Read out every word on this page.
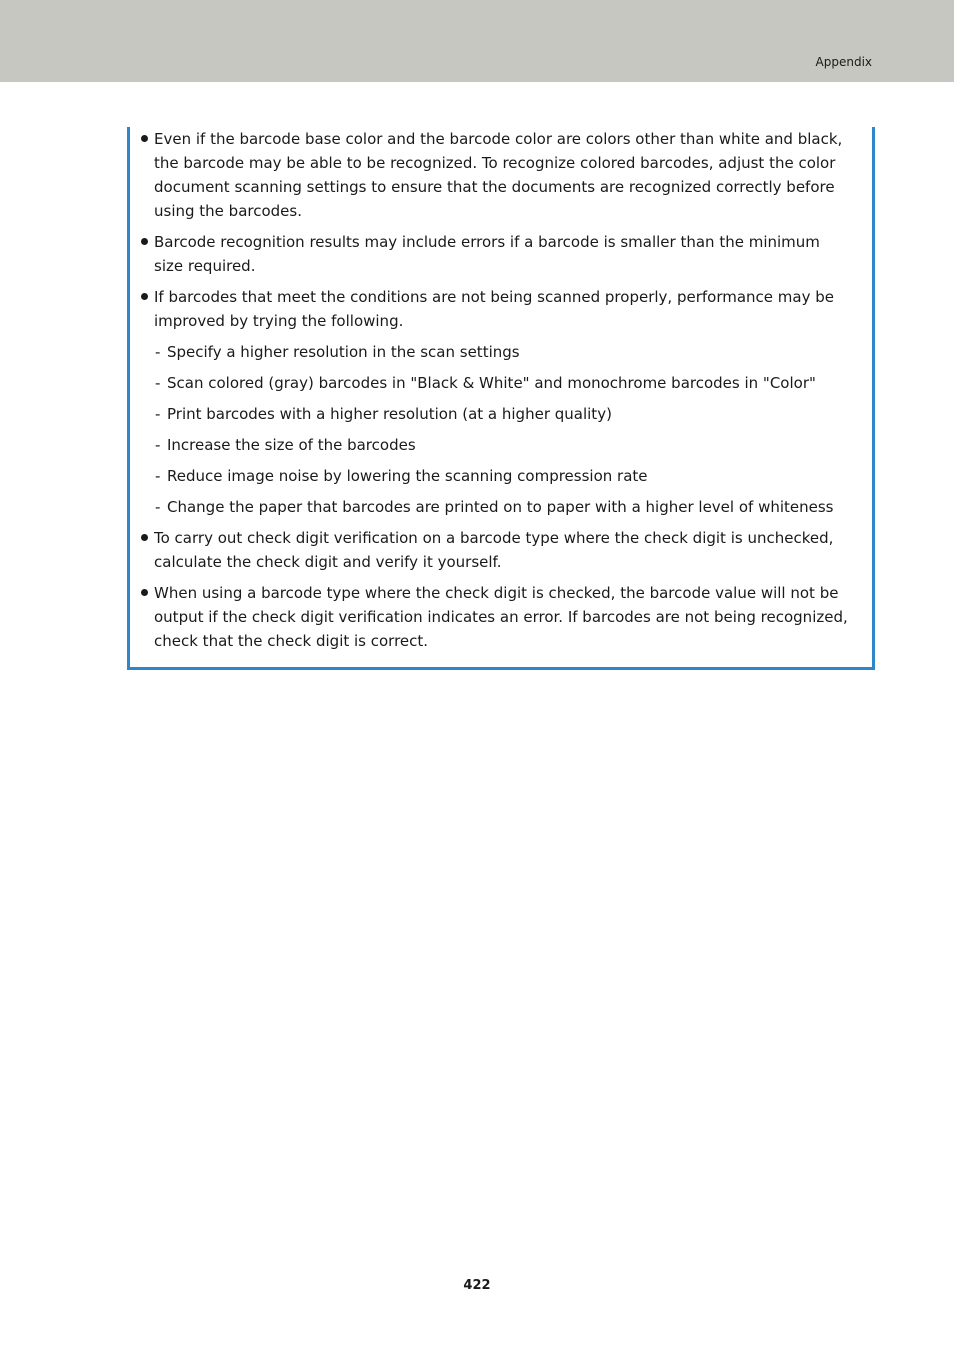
Appendix
Even if the barcode base color and the barcode color are colors other than white and black, the barcode may be able to be recognized. To recognize colored barcodes, adjust the color document scanning settings to ensure that the documents are recognized correctly before using the barcodes.
Barcode recognition results may include errors if a barcode is smaller than the minimum size required.
If barcodes that meet the conditions are not being scanned properly, performance may be improved by trying the following.
- Specify a higher resolution in the scan settings
- Scan colored (gray) barcodes in "Black & White" and monochrome barcodes in "Color"
- Print barcodes with a higher resolution (at a higher quality)
- Increase the size of the barcodes
- Reduce image noise by lowering the scanning compression rate
- Change the paper that barcodes are printed on to paper with a higher level of whiteness
To carry out check digit verification on a barcode type where the check digit is unchecked, calculate the check digit and verify it yourself.
When using a barcode type where the check digit is checked, the barcode value will not be output if the check digit verification indicates an error. If barcodes are not being recognized, check that the check digit is correct.
422
